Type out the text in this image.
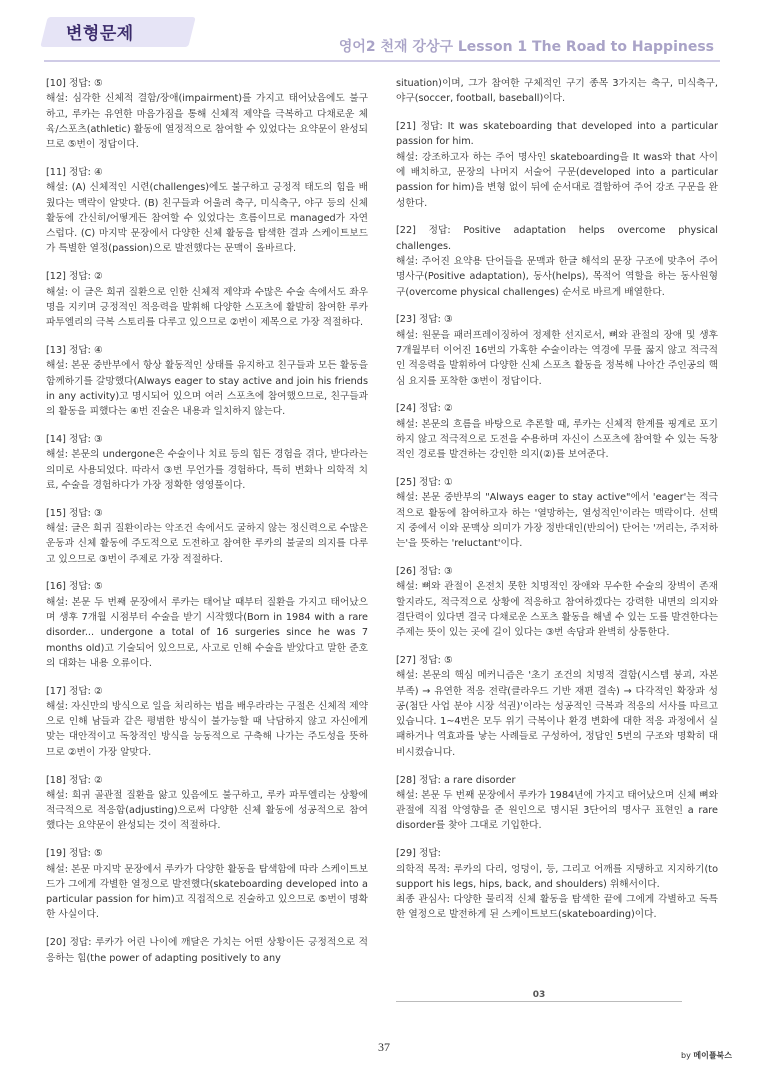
변형문제
영어2 천재 강상구 Lesson 1 The Road to Happiness
[10] 정답: ⑤
해설: 심각한 신체적 결함/장애(impairment)를 가지고 태어났음에도 불구하고, 루카는 유연한 마음가짐을 통해 신체적 제약을 극복하고 다채로운 체육/스포츠(athletic) 활동에 열정적으로 참여할 수 있었다는 요약문이 완성되므로 ⑤번이 정답이다.
[11] 정답: ④
해설: (A) 신체적인 시련(challenges)에도 불구하고 긍정적 태도의 힘을 배웠다는 맥락이 알맞다. (B) 친구들과 어울려 축구, 미식축구, 야구 등의 신체 활동에 간신히/어떻게든 참여할 수 있었다는 흐름이므로 managed가 자연스럽다. (C) 마지막 문장에서 다양한 신체 활동을 탐색한 결과 스케이트보드가 특별한 열정(passion)으로 발전했다는 문맥이 올바르다.
[12] 정답: ②
해설: 이 글은 희귀 질환으로 인한 신체적 제약과 수많은 수술 속에서도 좌우명을 지키며 긍정적인 적응력을 발휘해 다양한 스포츠에 활발히 참여한 루카 파투엘리의 극복 스토리를 다루고 있으므로 ②번이 제목으로 가장 적절하다.
[13] 정답: ④
해설: 본문 중반부에서 항상 활동적인 상태를 유지하고 친구들과 모든 활동을 함께하기를 갈망했다(Always eager to stay active and join his friends in any activity)고 명시되어 있으며 여러 스포츠에 참여했으므로, 친구들과의 활동을 피했다는 ④번 진술은 내용과 일치하지 않는다.
[14] 정답: ③
해설: 본문의 undergone은 수술이나 치료 등의 힘든 경험을 겪다, 받다라는 의미로 사용되었다. 따라서 ③번 무언가를 경험하다, 특히 변화나 의학적 치료, 수술을 경험하다가 가장 정확한 영영풀이다.
[15] 정답: ③
해설: 글은 희귀 질환이라는 악조건 속에서도 굴하지 않는 정신력으로 수많은 운동과 신체 활동에 주도적으로 도전하고 참여한 루카의 불굴의 의지를 다루고 있으므로 ③번이 주제로 가장 적절하다.
[16] 정답: ⑤
해설: 본문 두 번째 문장에서 루카는 태어날 때부터 질환을 가지고 태어났으며 생후 7개월 시점부터 수술을 받기 시작했다(Born in 1984 with a rare disorder... undergone a total of 16 surgeries since he was 7 months old)고 기술되어 있으므로, 사고로 인해 수술을 받았다고 말한 준호의 대화는 내용 오류이다.
[17] 정답: ②
해설: 자신만의 방식으로 일을 처리하는 법을 배우라라는 구절은 신체적 제약으로 인해 남들과 같은 평범한 방식이 불가능할 때 낙담하지 않고 자신에게 맞는 대안적이고 독창적인 방식을 능동적으로 구축해 나가는 주도성을 뜻하므로 ②번이 가장 알맞다.
[18] 정답: ②
해설: 희귀 골관절 질환을 앓고 있음에도 불구하고, 루카 파투엘리는 상황에 적극적으로 적응함(adjusting)으로써 다양한 신체 활동에 성공적으로 참여했다는 요약문이 완성되는 것이 적절하다.
[19] 정답: ⑤
해설: 본문 마지막 문장에서 루카가 다양한 활동을 탐색함에 따라 스케이트보드가 그에게 각별한 열정으로 발전했다(skateboarding developed into a particular passion for him)고 직접적으로 진술하고 있으므로 ⑤번이 명확한 사실이다.
[20] 정답: 루카가 어린 나이에 깨달은 가치는 어떤 상황이든 긍정적으로 적응하는 힘(the power of adapting positively to any
situation)이며, 그가 참여한 구체적인 구기 종목 3가지는 축구, 미식축구, 야구(soccer, football, baseball)이다.
[21] 정답: It was skateboarding that developed into a particular passion for him.
해설: 강조하고자 하는 주어 명사인 skateboarding을 It was와 that 사이에 배치하고, 문장의 나머지 서술어 구문(developed into a particular passion for him)을 변형 없이 뒤에 순서대로 결합하여 주어 강조 구문을 완성한다.
[22] 정답: Positive adaptation helps overcome physical challenges.
해설: 주어진 요약용 단어들을 문맥과 한글 해석의 문장 구조에 맞추어 주어 명사구(Positive adaptation), 동사(helps), 목적어 역할을 하는 동사원형구(overcome physical challenges) 순서로 바르게 배열한다.
[23] 정답: ③
해설: 원문을 패러프레이징하여 정제한 선지로서, 뼈와 관절의 장애 및 생후 7개월부터 이어진 16번의 가혹한 수술이라는 역경에 무릎 꿇지 않고 적극적인 적응력을 발휘하여 다양한 신체 스포츠 활동을 정복해 나아간 주인공의 핵심 요지를 포착한 ③번이 정답이다.
[24] 정답: ②
해설: 본문의 흐름을 바탕으로 추론할 때, 루카는 신체적 한계를 핑계로 포기하지 않고 적극적으로 도전을 수용하며 자신이 스포츠에 참여할 수 있는 독창적인 경로를 발견하는 강인한 의지(②)를 보여준다.
[25] 정답: ①
해설: 본문 중반부의 "Always eager to stay active"에서 'eager'는 적극적으로 활동에 참여하고자 하는 '열망하는, 열성적인'이라는 맥락이다. 선택지 중에서 이와 문맥상 의미가 가장 정반대인(반의어) 단어는 '꺼리는, 주저하는'을 뜻하는 'reluctant'이다.
[26] 정답: ③
해설: 뼈와 관절이 온전치 못한 치명적인 장애와 무수한 수술의 장벽이 존재할지라도, 적극적으로 상황에 적응하고 참여하겠다는 강력한 내면의 의지와 결단력이 있다면 결국 다채로운 스포츠 활동을 해낼 수 있는 도를 발견한다는 주제는 뜻이 있는 곳에 길이 있다는 ③번 속담과 완벽히 상통한다.
[27] 정답: ⑤
해설: 본문의 핵심 메커니즘은 '초기 조건의 치명적 결함(시스템 붕괴, 자본 부족) → 유연한 적응 전략(클라우드 기반 재편 결속) → 다각적인 확장과 성공(첨단 사업 분야 시장 석권)'이라는 성공적인 극복과 적응의 서사를 따르고 있습니다. 1~4번은 모두 위기 극복이나 환경 변화에 대한 적응 과정에서 실패하거나 역효과를 낳는 사례들로 구성하여, 정답인 5번의 구조와 명확히 대비시켰습니다.
[28] 정답: a rare disorder
해설: 본문 두 번째 문장에서 루카가 1984년에 가지고 태어났으며 신체 뼈와 관절에 직접 악영향을 준 원인으로 명시된 3단어의 명사구 표현인 a rare disorder를 찾아 그대로 기입한다.
[29] 정답:
의학적 목적: 루카의 다리, 엉덩이, 등, 그리고 어깨를 지탱하고 지지하기(to support his legs, hips, back, and shoulders) 위해서이다.
최종 관심사: 다양한 물리적 신체 활동을 탐색한 끝에 그에게 각별하고 독특한 열정으로 발전하게 된 스케이트보드(skateboarding)이다.
03
37
by 메이플북스
